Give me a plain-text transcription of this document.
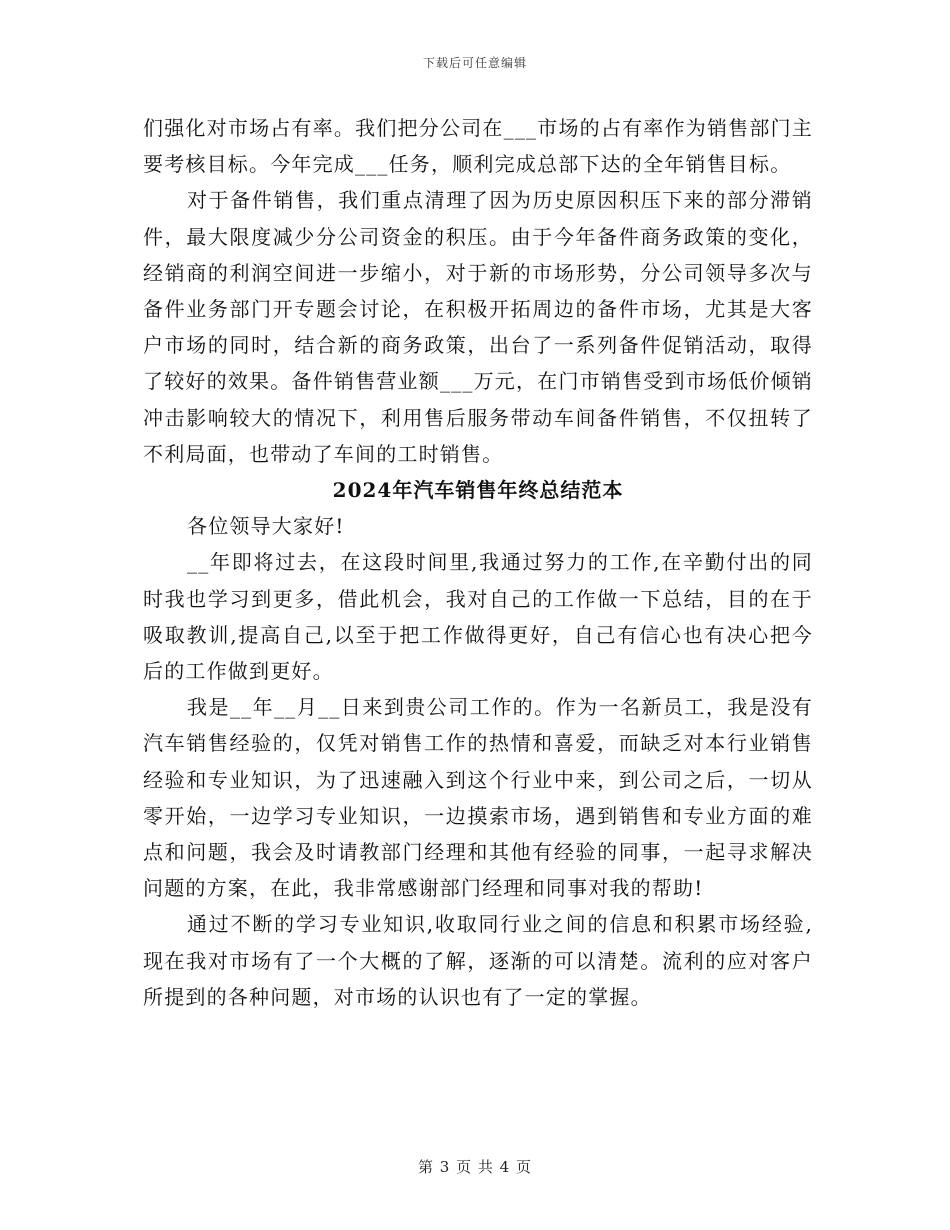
下载后可任意编辑

们强化对市场占有率。我们把分公司在___市场的占有率作为销售部门主要考核目标。今年完成___任务，顺利完成总部下达的全年销售目标。

对于备件销售，我们重点清理了因为历史原因积压下来的部分滞销件，最大限度减少分公司资金的积压。由于今年备件商务政策的变化，经销商的利润空间进一步缩小，对于新的市场形势，分公司领导多次与备件业务部门开专题会讨论，在积极开拓周边的备件市场，尤其是大客户市场的同时，结合新的商务政策，出台了一系列备件促销活动，取得了较好的效果。备件销售营业额___万元，在门市销售受到市场低价倾销冲击影响较大的情况下，利用售后服务带动车间备件销售，不仅扭转了不利局面，也带动了车间的工时销售。

2024年汽车销售年终总结范本

各位领导大家好!

__年即将过去，在这段时间里,我通过努力的工作,在辛勤付出的同时我也学习到更多，借此机会，我对自己的工作做一下总结，目的在于吸取教训,提高自己,以至于把工作做得更好，自己有信心也有决心把今后的工作做到更好。

我是__年__月__日来到贵公司工作的。作为一名新员工，我是没有汽车销售经验的，仅凭对销售工作的热情和喜爱，而缺乏对本行业销售经验和专业知识，为了迅速融入到这个行业中来，到公司之后，一切从零开始，一边学习专业知识，一边摸索市场，遇到销售和专业方面的难点和问题，我会及时请教部门经理和其他有经验的同事，一起寻求解决问题的方案，在此，我非常感谢部门经理和同事对我的帮助!

通过不断的学习专业知识,收取同行业之间的信息和积累市场经验,现在我对市场有了一个大概的了解，逐渐的可以清楚。流利的应对客户所提到的各种问题，对市场的认识也有了一定的掌握。

第 3 页 共 4 页
